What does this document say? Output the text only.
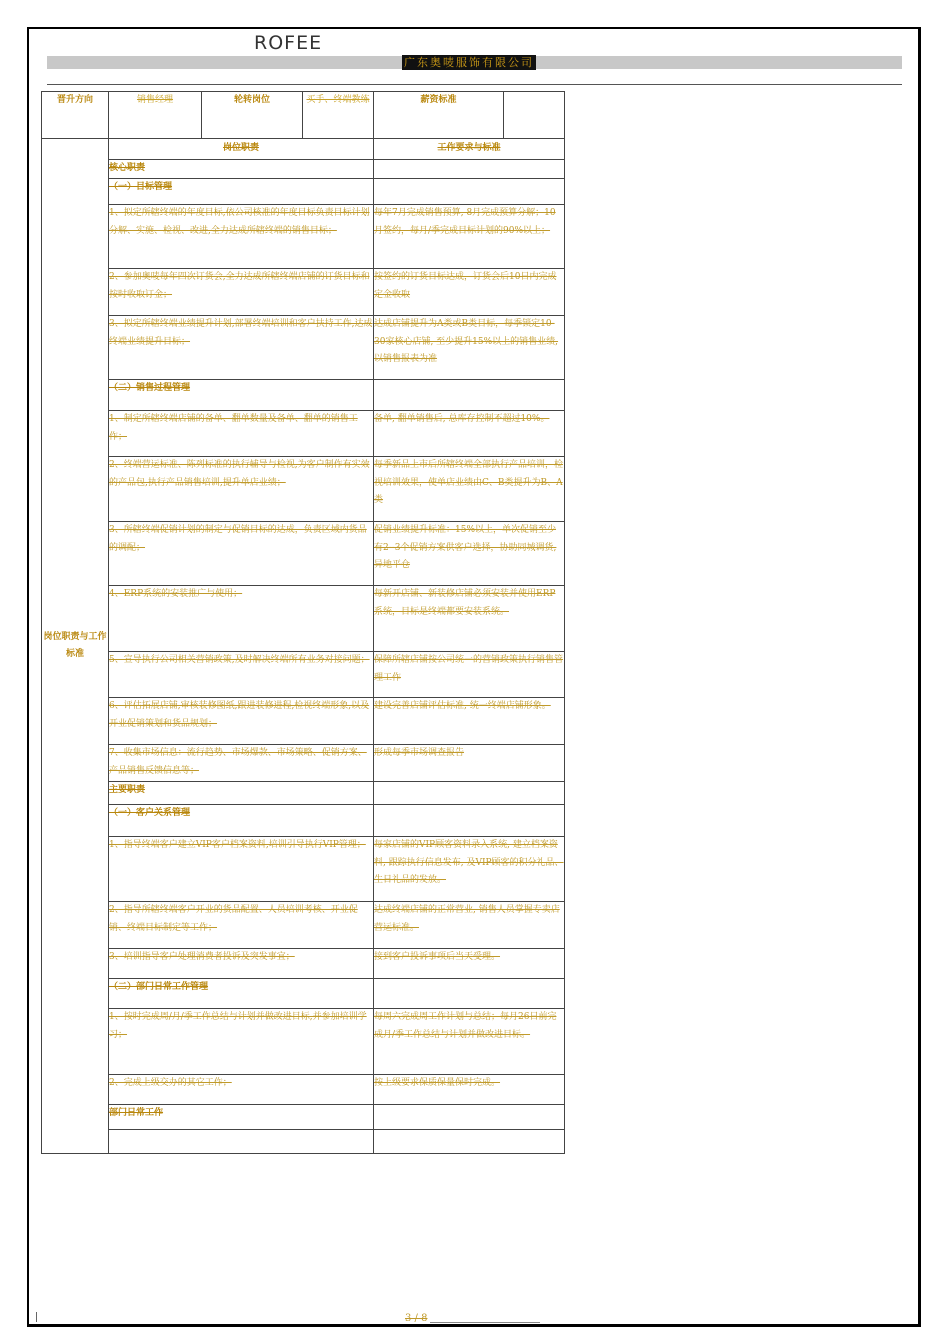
ROFEE
广东奥唛服饰有限公司
晋升方向	销售经理	轮转岗位	买手、终端教练	薪资标准	
岗位职责与工作标准	岗位职责			工作要求与标准	
	核心职责				
	（一）目标管理				
	1、拟定所辖终端的年度目标,依公司核准的年度目标负责目标计划分解、实施、检视、改进,全力达成所辖终端的销售目标；			每年7月完成销售预算, 8月完成预算分解；10月签约，每月/季完成目标计划的90%以上；	
	2、参加奥唛每年四次订货会,全力达成所辖终端店铺的订货目标和按时收取订金；			按签约的订货目标达成，订货会后10日内完成定金收取	
	3、拟定所辖终端业绩提升计划,部署终端培训和客户扶持工作,达成终端业绩提升目标；			达成店铺提升为A类或B类目标，每季锁定10-30家核心店铺, 至少提升15%以上的销售业绩, 以销售报表为准	
	（二）销售过程管理				
	1、制定所辖终端店铺的备单、翻单数量及备单、翻单的销售工作；			备单, 翻单销售后, 总库存控制不超过10%。	
	2、终端营运标准、陈列标准的执行辅导与检视,为客户制作有实效的产品包,执行产品销售培训,提升单店业绩；			每季新品上市后所辖终端全部执行产品培训，检视培训效果，使单店业绩由C、B类提升为B、A类	
	3、所辖终端促销计划的制定与促销目标的达成，负责区域内货品的调配；			促销业绩提升标准：15%以上，单次促销至少有2--3个促销方案供客户选择，协助同城调货, 异地平仓	
	4、ERP系统的安装推广与使用；			每新开店铺、新装修店铺必须安装并使用ERP系统，目标是终端都要安装系统。	
	5、宣导执行公司相关营销政策,及时解决终端所有业务对接问题；			保障所辖店铺按公司统一的营销政策执行销售管理工作	
	6、评估拓展店铺,审核装修图纸,跟进装修进程,检视终端形象,以及开业促销策划和货品规划；			建设完善店铺评估标准, 统一终端店铺形象。	
	7、收集市场信息：流行趋势、市场爆款、市场策略、促销方案、产品销售反馈信息等；			形成每季市场调查报告	
	主要职责				
	（一）客户关系管理				
	1、指导终端客户建立VIP客户档案资料,培训引导执行VIP管理；			每家店铺的VIP顾客资料录入系统, 建立档案资料, 跟踪执行信息发布, 及VIP顾客的积分礼品、生日礼品的发放。	
	2、指导所辖终端客户开业的货品配置、人员培训考核、开业促销、终端目标制定等工作；			达成终端店铺的正常营业, 销售人员掌握专卖店营运标准。	
	3、培训指导客户处理消费者投诉及突发事宜；			接到客户投诉事项后当天受理。	
	（二）部门日常工作管理				
	1、按时完成周/月/季工作总结与计划并做改进目标,并参加培训学习；			每周六完成周工作计划与总结；每月26日前完成月/季工作总结与计划并做改进目标。	
	2、完成上级交办的其它工作；			按上级要求保质保量保时完成。	
	部门日常工作				

3 / 8
